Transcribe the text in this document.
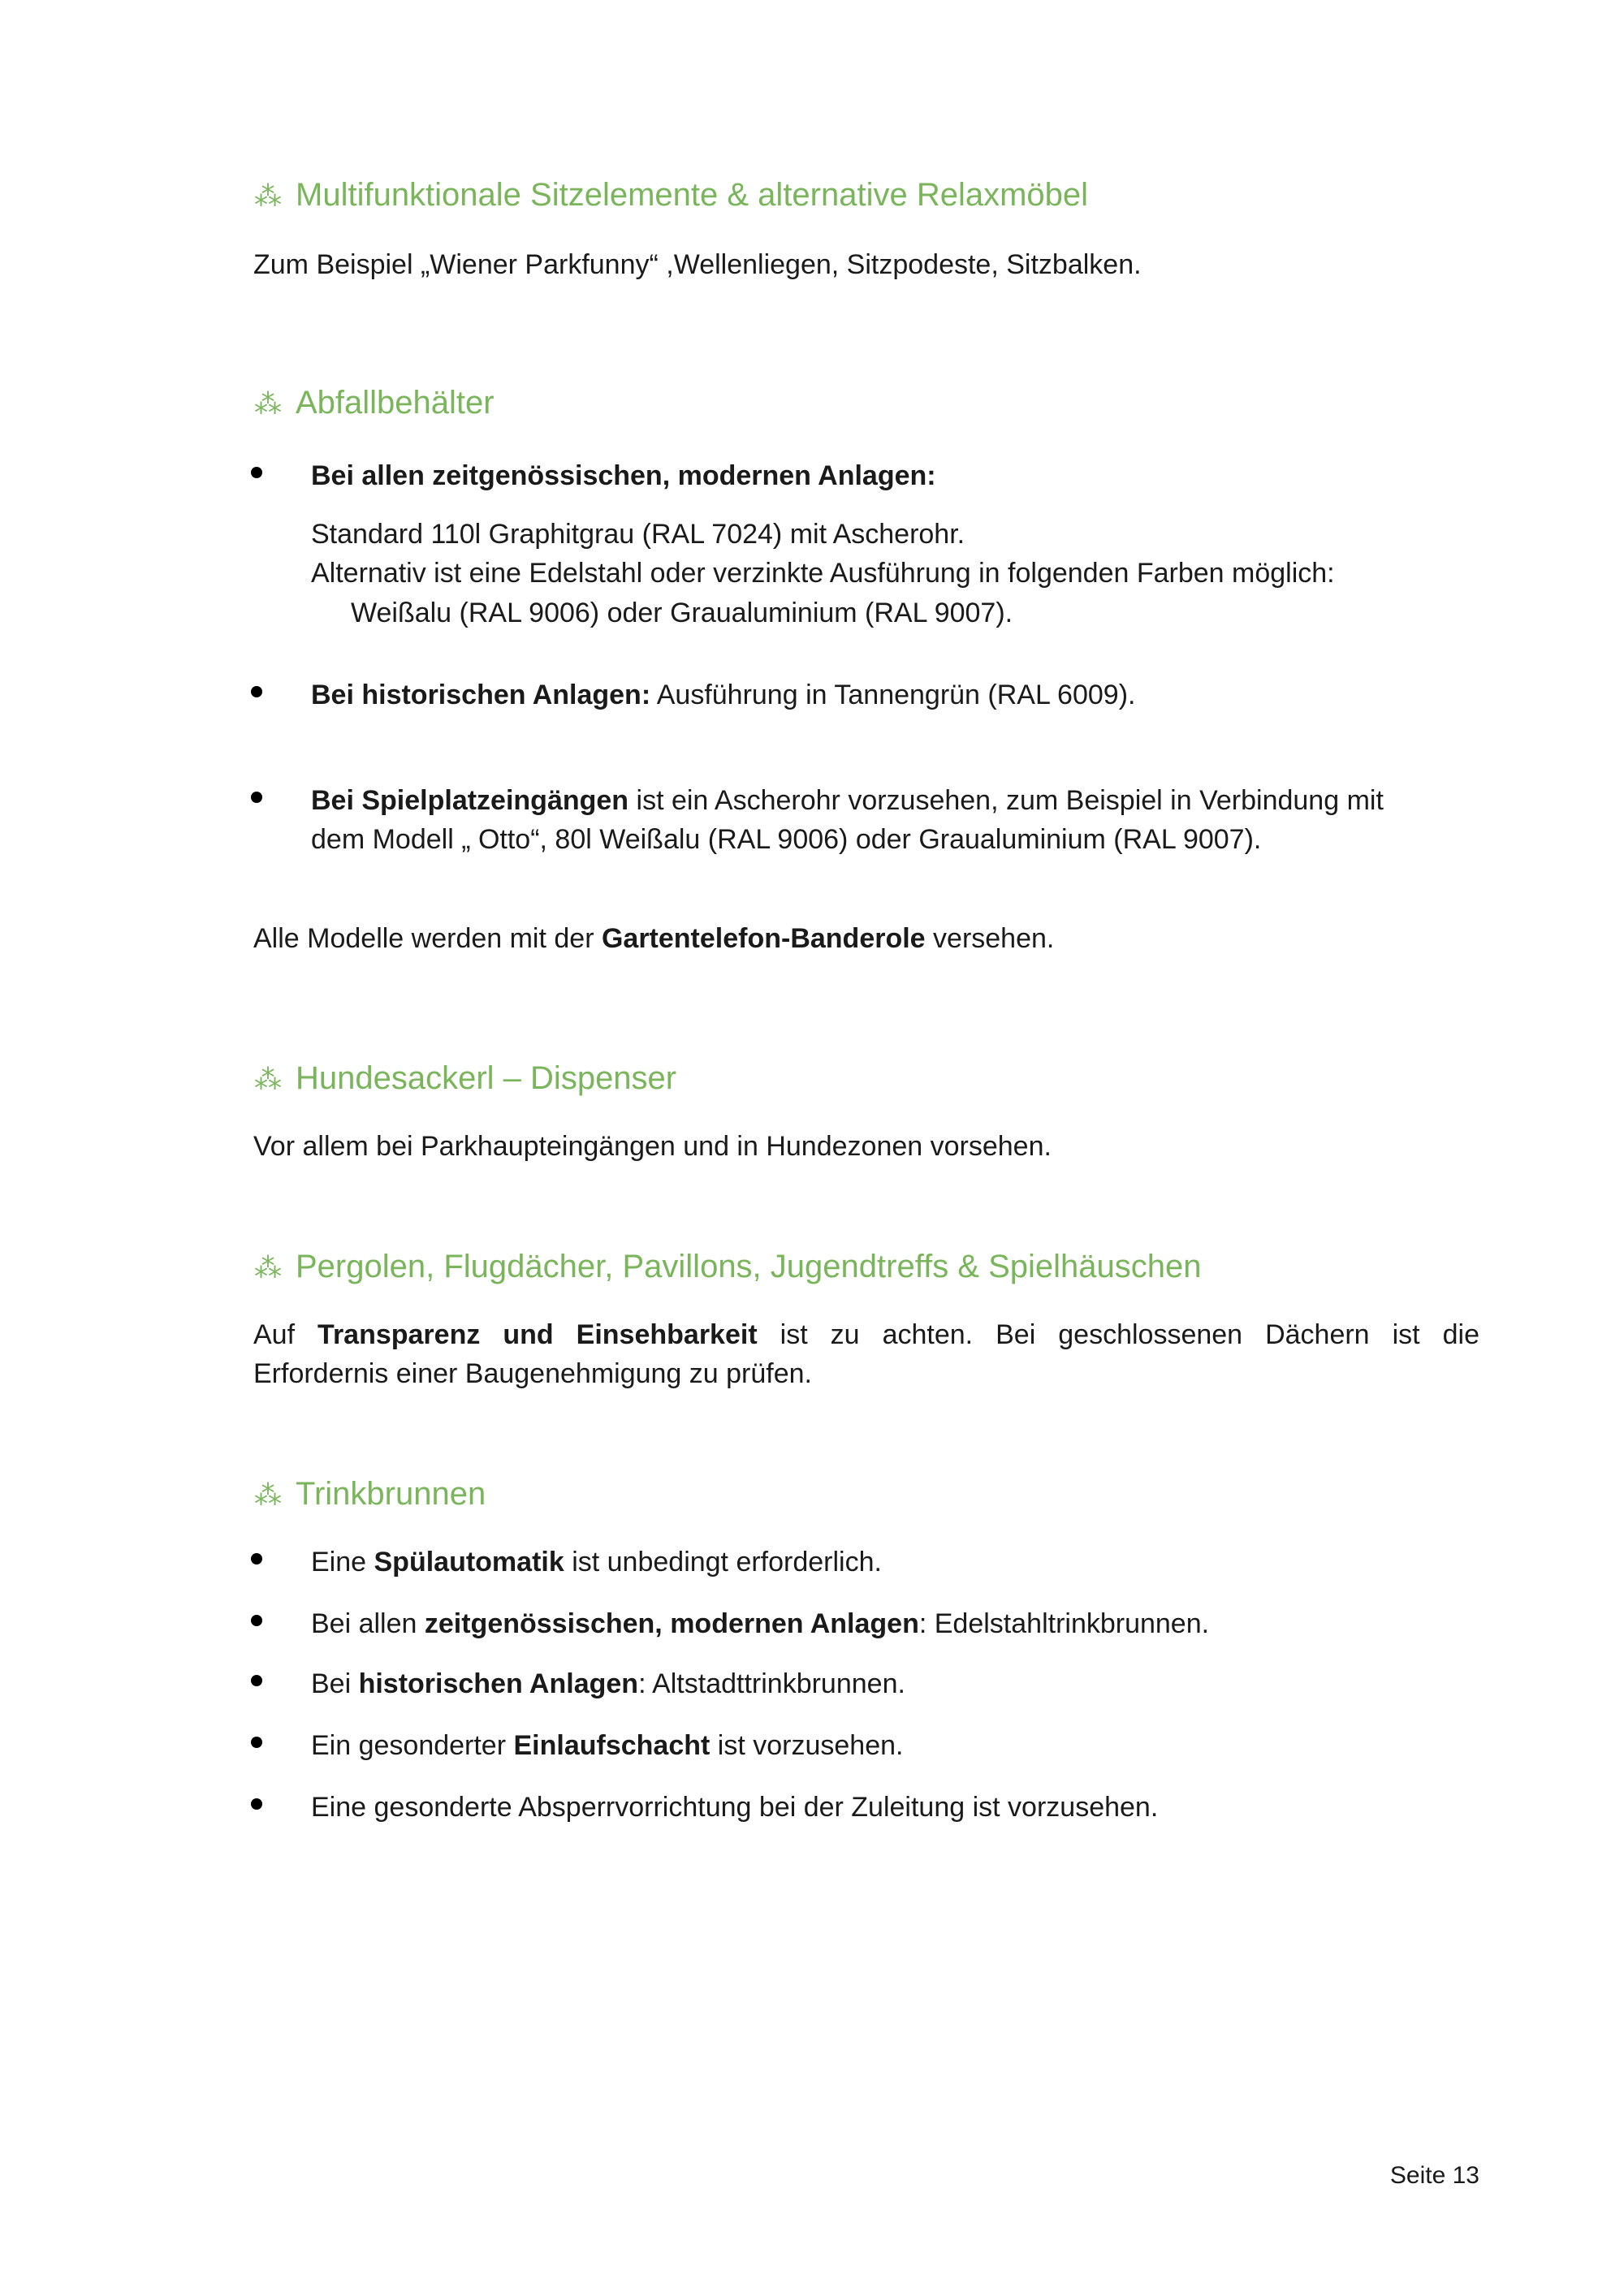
⁂ Multifunktionale Sitzelemente & alternative Relaxmöbel
Zum Beispiel „Wiener Parkfunny“ ,Wellenliegen, Sitzpodeste, Sitzbalken.
⁂ Abfallbehälter
Bei allen zeitgenössischen, modernen Anlagen:
Standard 110l Graphitgrau (RAL 7024) mit Ascherohr.
Alternativ ist eine Edelstahl oder verzinkte Ausführung in folgenden Farben möglich:
Weißalu (RAL 9006) oder Graualuminium (RAL 9007).
Bei historischen Anlagen: Ausführung in Tannengrün (RAL 6009).
Bei Spielplatzeingängen ist ein Ascherohr vorzusehen, zum Beispiel in Verbindung mit
dem Modell „ Otto“, 80l Weißalu (RAL 9006) oder Graualuminium (RAL 9007).
Alle Modelle werden mit der Gartentelefon-Banderole versehen.
⁂ Hundesackerl – Dispenser
Vor allem bei Parkhaupteingängen und in Hundezonen vorsehen.
⁂ Pergolen, Flugdächer, Pavillons, Jugendtreffs & Spielhäuschen
Auf Transparenz und Einsehbarkeit ist zu achten. Bei geschlossenen Dächern ist die
Erfordernis einer Baugenehmigung zu prüfen.
⁂ Trinkbrunnen
Eine Spülautomatik ist unbedingt erforderlich.
Bei allen zeitgenössischen, modernen Anlagen: Edelstahltrinkbrunnen.
Bei historischen Anlagen: Altstadttrinkbrunnen.
Ein gesonderter Einlaufschacht ist vorzusehen.
Eine gesonderte Absperrvorrichtung bei der Zuleitung ist vorzusehen.
Seite 13
